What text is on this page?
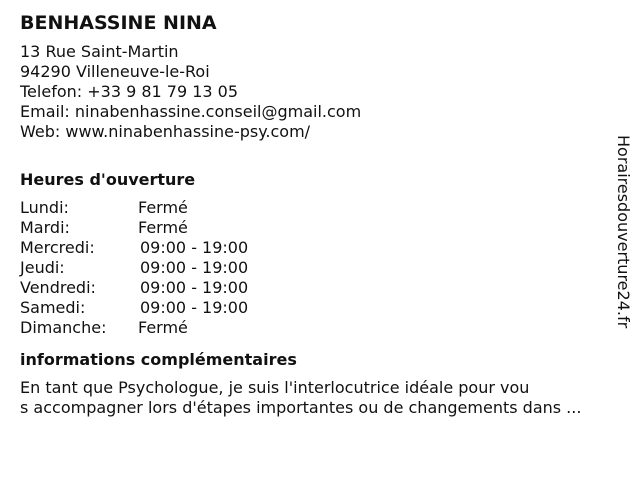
BENHASSINE NINA
13 Rue Saint-Martin
94290 Villeneuve-le-Roi
Telefon: +33 9 81 79 13 05
Email: ninabenhassine.conseil@gmail.com
Web: www.ninabenhassine-psy.com/
Heures d'ouverture
Lundi:	Fermé
Mardi:	Fermé
Mercredi:	09:00 - 19:00
Jeudi:	09:00 - 19:00
Vendredi:	09:00 - 19:00
Samedi:	09:00 - 19:00
Dimanche:	Fermé
informations complémentaires
En tant que Psychologue, je suis l'interlocutrice idéale pour vou
s accompagner lors d'étapes importantes ou de changements dans ...
Horairesdouverture24.fr
